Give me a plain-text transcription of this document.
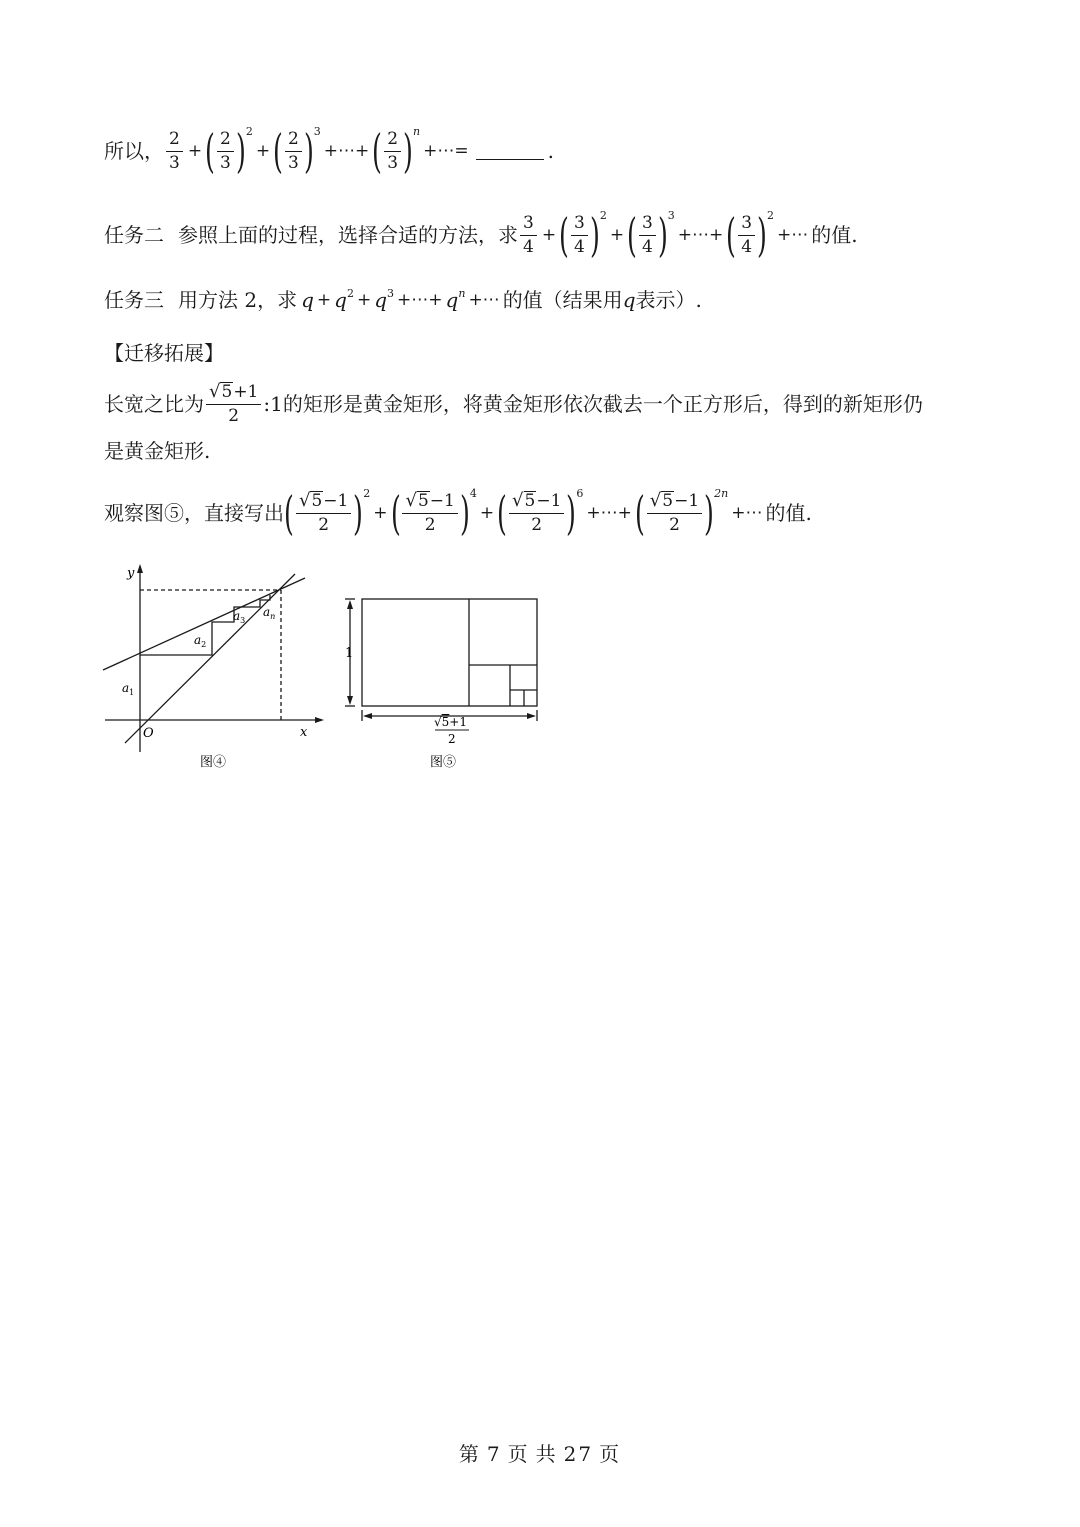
所以， $\frac{2}{3}$ + ( $\frac{2}{3}$ ) 2
+ ( $\frac{2}{3}$ ) 3
+⋯+ ( $\frac{2}{3}$ ) n
+⋯=	.
任务二 参照上面的过程，选择合适的方法，求 $\frac{3}{4}$ + ( $\frac{3}{4}$ ) 2
+ ( $\frac{3}{4}$ ) 3
+⋯+ ( $\frac{3}{4}$ ) 2
+⋯ 的值.
任务三 用方法 2，求 q + q 2 + q 3 +⋯+ q n +⋯ 的值（结果用 q 表示）.
【迁移拓展】
长宽之比为 $\frac{√ 5 +1}{2}$ :1的矩形是黄金矩形，将黄金矩形依次截去一个正方形后，得到的新矩形仍
是黄金矩形.
观察图⑤，直接写出 ( $\frac{√ 5 -1}{2}$ ) 2
+ ( $\frac{√ 5 -1}{2}$ ) 4
+ ( $\frac{√ 5 -1}{2}$ ) 6
+⋯+ ( $\frac{√ 5 -1}{2}$ ) 2n
+⋯ 的值.
y
x
O
$a_1$
$a_2$
$a_3$
$a_n$
图④
1
√5+1
2
图⑤
第 7 页 共 27 页
